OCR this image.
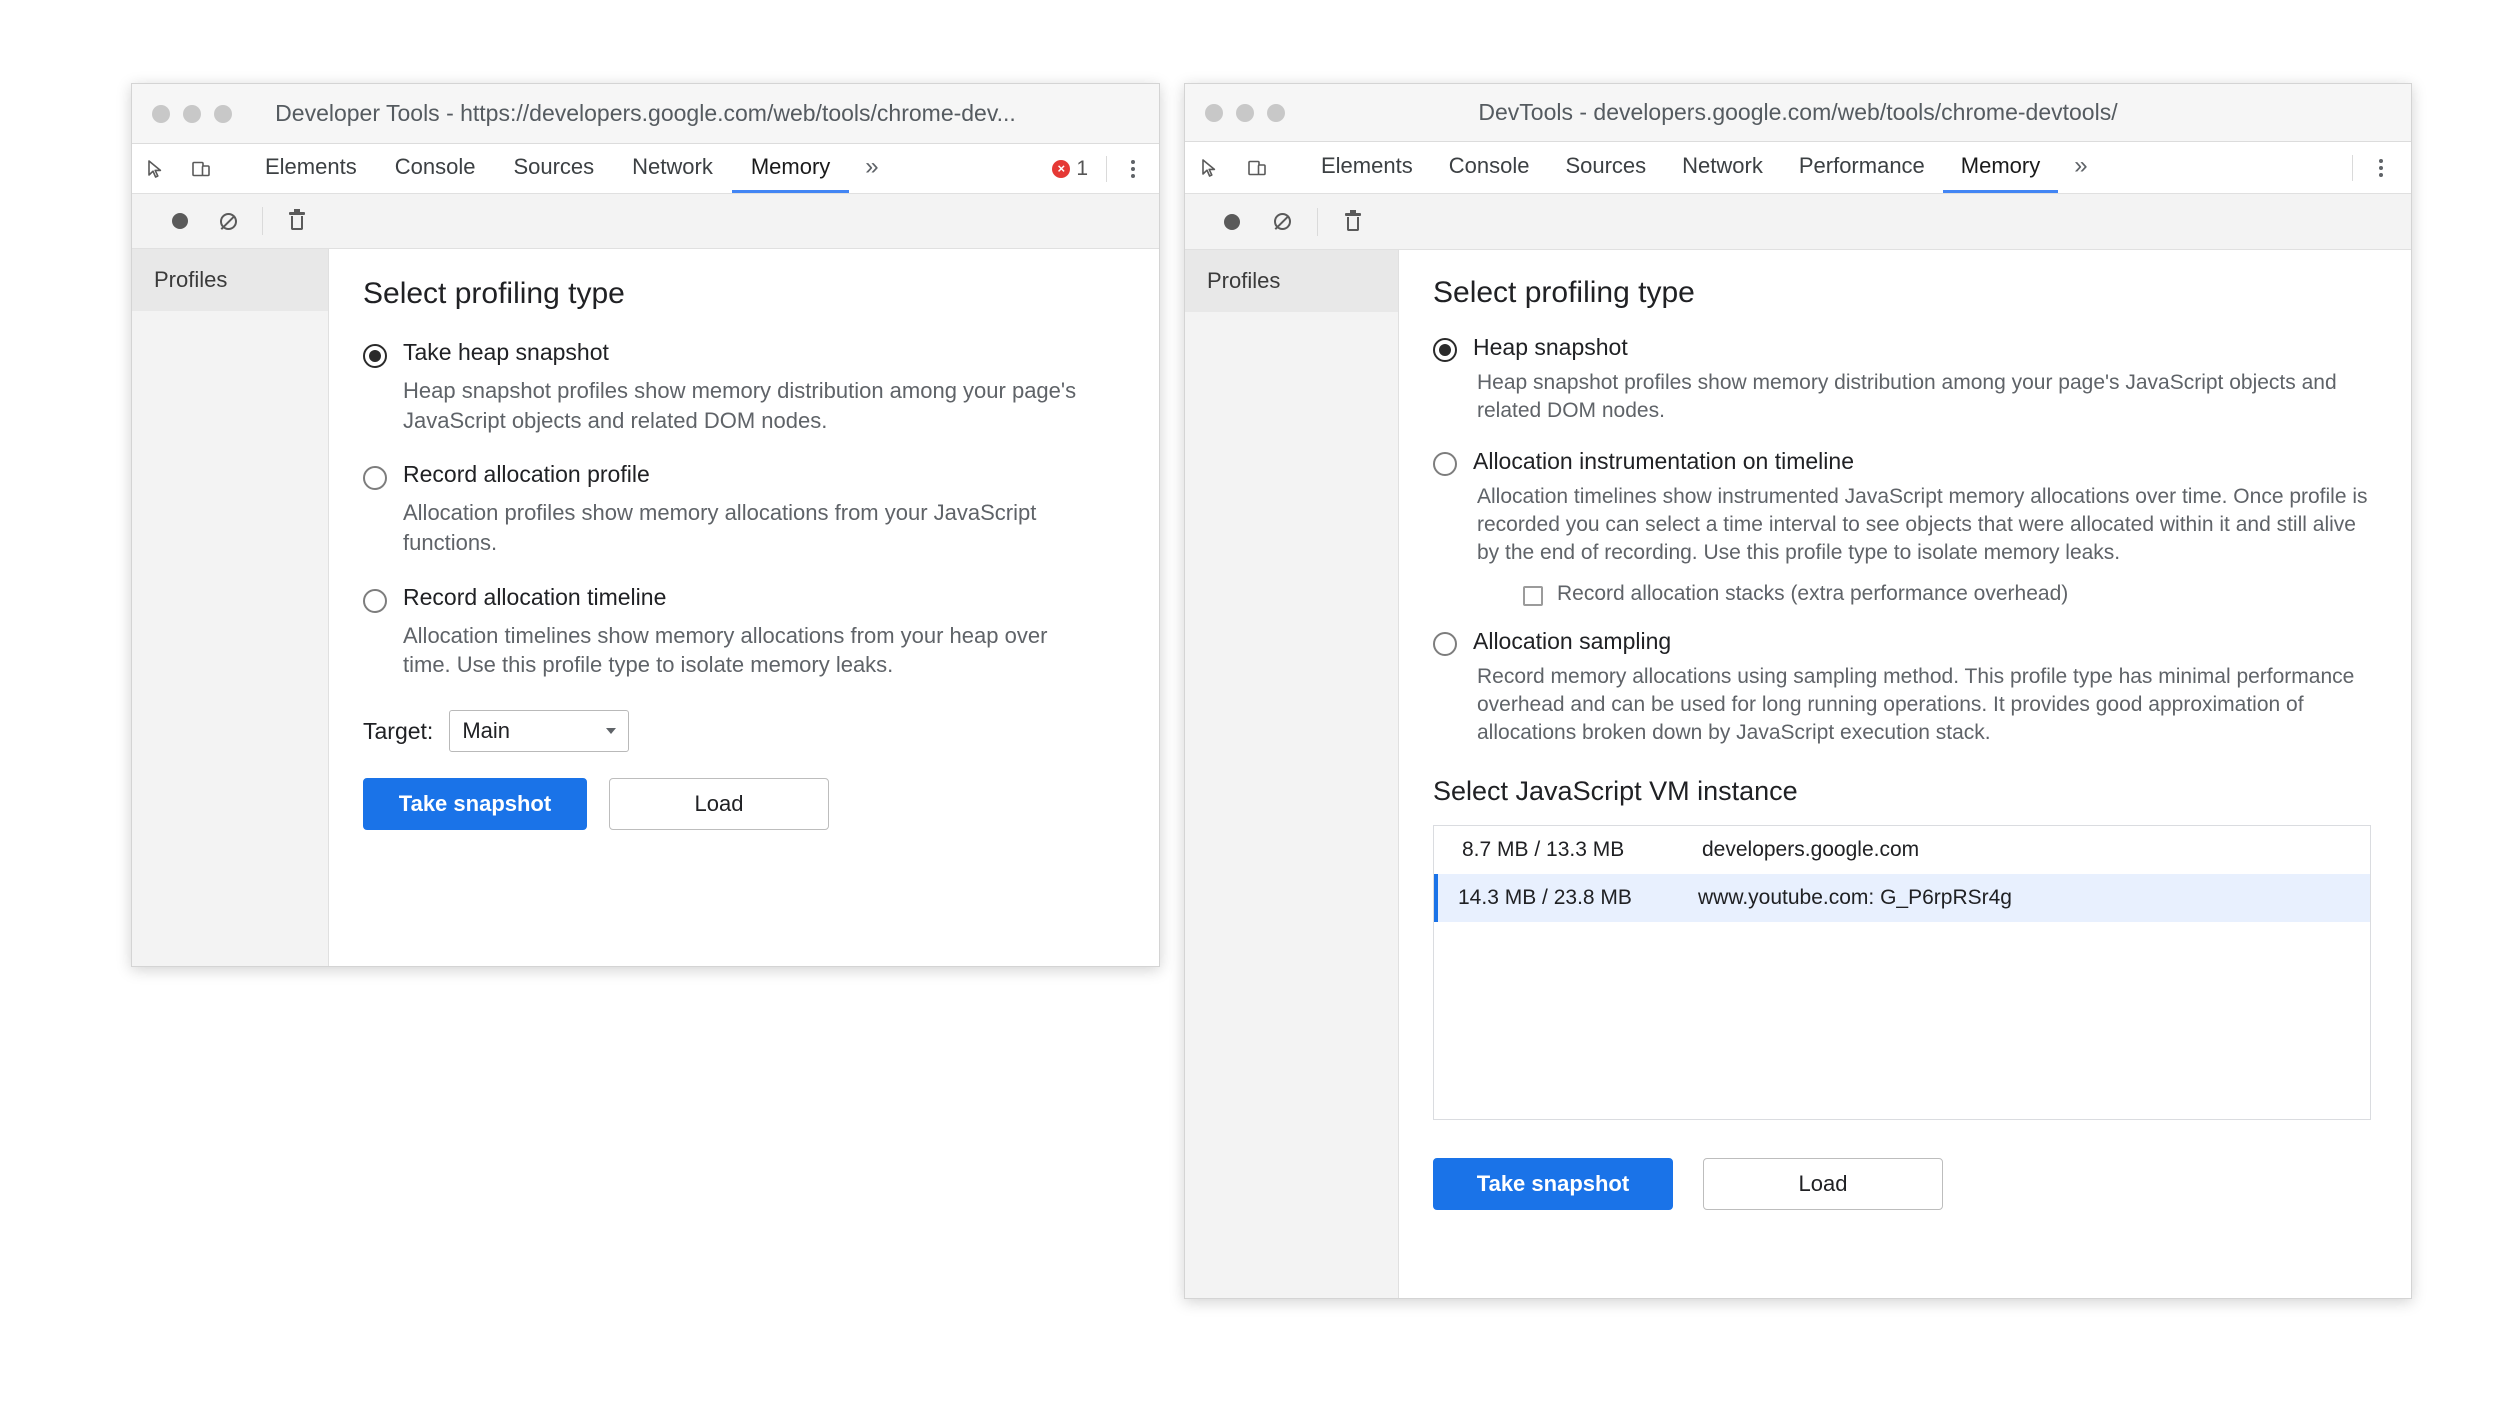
Developer Tools - https://developers.google.com/web/tools/chrome-dev...
Elements Console Sources Network Memory »	× 1
Profiles	Select profiling type
Take heap snapshot
Heap snapshot profiles show memory distribution among your page's JavaScript objects and related DOM nodes.
Record allocation profile
Allocation profiles show memory allocations from your JavaScript functions.
Record allocation timeline
Allocation timelines show memory allocations from your heap over time. Use this profile type to isolate memory leaks.
Target: Main
Take snapshot	Load
DevTools - developers.google.com/web/tools/chrome-devtools/
Elements Console Sources Network Performance Memory »
Profiles	Select profiling type
Heap snapshot
Heap snapshot profiles show memory distribution among your page's JavaScript objects and related DOM nodes.
Allocation instrumentation on timeline
Allocation timelines show instrumented JavaScript memory allocations over time. Once profile is recorded you can select a time interval to see objects that were allocated within it and still alive by the end of recording. Use this profile type to isolate memory leaks.
Record allocation stacks (extra performance overhead)
Allocation sampling
Record memory allocations using sampling method. This profile type has minimal performance overhead and can be used for long running operations. It provides good approximation of allocations broken down by JavaScript execution stack.
Select JavaScript VM instance
8.7 MB / 13.3 MB	developers.google.com
14.3 MB / 23.8 MB	www.youtube.com: G_P6rpRSr4g
Take snapshot	Load
